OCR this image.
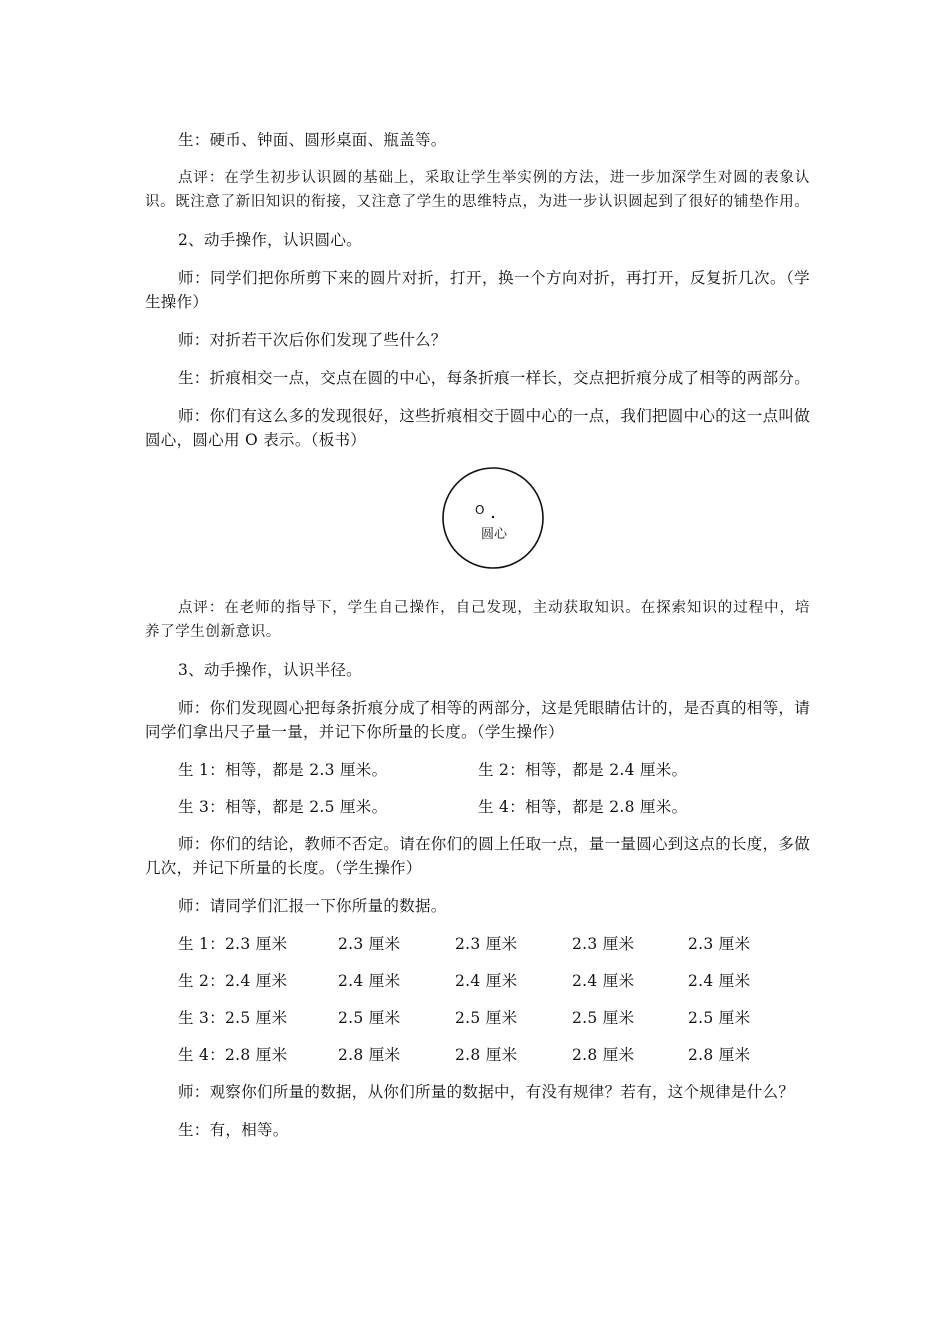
生：硬币、钟面、圆形桌面、瓶盖等。

点评：在学生初步认识圆的基础上，采取让学生举实例的方法，进一步加深学生对圆的表象认识。既注意了新旧知识的衔接，又注意了学生的思维特点，为进一步认识圆起到了很好的铺垫作用。

2、动手操作，认识圆心。

师：同学们把你所剪下来的圆片对折，打开，换一个方向对折，再打开，反复折几次。（学生操作）

师：对折若干次后你们发现了些什么？

生：折痕相交一点，交点在圆的中心，每条折痕一样长，交点把折痕分成了相等的两部分。

师：你们有这么多的发现很好，这些折痕相交于圆中心的一点，我们把圆中心的这一点叫做圆心，圆心用 O 表示。（板书）

O
圆心

点评：在老师的指导下，学生自己操作，自己发现，主动获取知识。在探索知识的过程中，培养了学生创新意识。

3、动手操作，认识半径。

师：你们发现圆心把每条折痕分成了相等的两部分，这是凭眼睛估计的，是否真的相等，请同学们拿出尺子量一量，并记下你所量的长度。（学生操作）

生 1：相等，都是 2.3 厘米。	生 2：相等，都是 2.4 厘米。
生 3：相等，都是 2.5 厘米。	生 4：相等，都是 2.8 厘米。

师：你们的结论，教师不否定。请在你们的圆上任取一点，量一量圆心到这点的长度，多做几次，并记下所量的长度。（学生操作）

师：请同学们汇报一下你所量的数据。

生 1：2.3 厘米	2.3 厘米	2.3 厘米	2.3 厘米	2.3 厘米
生 2：2.4 厘米	2.4 厘米	2.4 厘米	2.4 厘米	2.4 厘米
生 3：2.5 厘米	2.5 厘米	2.5 厘米	2.5 厘米	2.5 厘米
生 4：2.8 厘米	2.8 厘米	2.8 厘米	2.8 厘米	2.8 厘米

师：观察你们所量的数据，从你们所量的数据中，有没有规律？若有，这个规律是什么？

生：有，相等。
